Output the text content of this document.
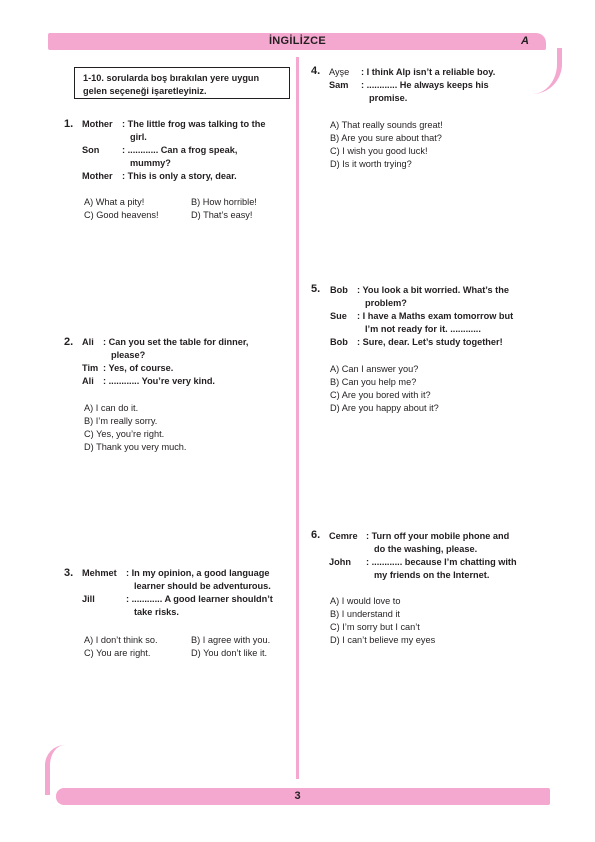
İNGİLİZCE	A
3
1-10. sorularda boş bırakılan yere uygun
gelen seçeneği işaretleyiniz.
1. Mother : The little frog was talking to the
girl.
Son : ............ Can a frog speak,
mummy?
Mother : This is only a story, dear.
A) What a pity!	B) How horrible!
C) Good heavens!	D) That’s easy!
2. Ali : Can you set the table for dinner,
please?
Tim : Yes, of course.
Ali : ............ You’re very kind.
A) I can do it.
B) I’m really sorry.
C) Yes, you’re right.
D) Thank you very much.
3. Mehmet : In my opinion, a good language
learner should be adventurous.
Jill	: ............ A good learner shouldn’t
take risks.
A) I don’t think so.	B) I agree with you.
C) You are right.	D) You don’t like it.
4. Ayşe : I think Alp isn’t a reliable boy.
Sam : ............ He always keeps his
promise.
A) That really sounds great!
B) Are you sure about that?
C) I wish you good luck!
D) Is it worth trying?
5. Bob : You look a bit worried. What’s the
problem?
Sue : I have a Maths exam tomorrow but
I’m not ready for it. ............
Bob : Sure, dear. Let’s study together!
A) Can I answer you?
B) Can you help me?
C) Are you bored with it?
D) Are you happy about it?
6. Cemre : Turn off your mobile phone and
do the washing, please.
John : ............ because I’m chatting with
my friends on the Internet.
A) I would love to
B) I understand it
C) I’m sorry but I can’t
D) I can’t believe my eyes
